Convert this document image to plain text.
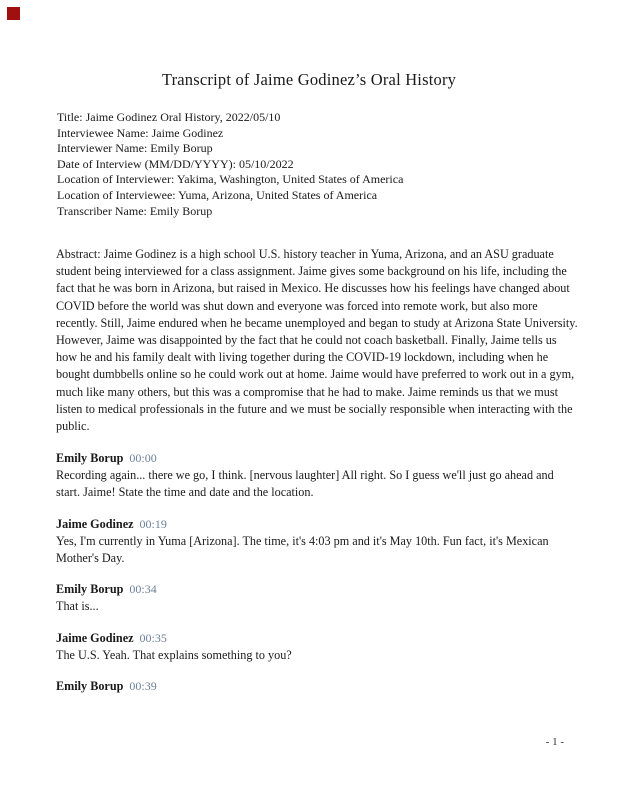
Transcript of Jaime Godinez’s Oral History
Title: Jaime Godinez Oral History, 2022/05/10
Interviewee Name: Jaime Godinez
Interviewer Name: Emily Borup
Date of Interview (MM/DD/YYYY): 05/10/2022
Location of Interviewer: Yakima, Washington, United States of America
Location of Interviewee: Yuma, Arizona, United States of America
Transcriber Name: Emily Borup

Abstract: Jaime Godinez is a high school U.S. history teacher in Yuma, Arizona, and an ASU graduate student being interviewed for a class assignment. Jaime gives some background on his life, including the fact that he was born in Arizona, but raised in Mexico. He discusses how his feelings have changed about COVID before the world was shut down and everyone was forced into remote work, but also more recently. Still, Jaime endured when he became unemployed and began to study at Arizona State University. However, Jaime was disappointed by the fact that he could not coach basketball. Finally, Jaime tells us how he and his family dealt with living together during the COVID-19 lockdown, including when he bought dumbbells online so he could work out at home. Jaime would have preferred to work out in a gym, much like many others, but this was a compromise that he had to make. Jaime reminds us that we must listen to medical professionals in the future and we must be socially responsible when interacting with the public.

Emily Borup 00:00
Recording again... there we go, I think. [nervous laughter] All right. So I guess we'll just go ahead and start. Jaime! State the time and date and the location.
Jaime Godinez 00:19
Yes, I'm currently in Yuma [Arizona]. The time, it's 4:03 pm and it's May 10th. Fun fact, it's Mexican Mother's Day.
Emily Borup 00:34
That is...
Jaime Godinez 00:35
The U.S. Yeah. That explains something to you?
Emily Borup 00:39
- 1 -
